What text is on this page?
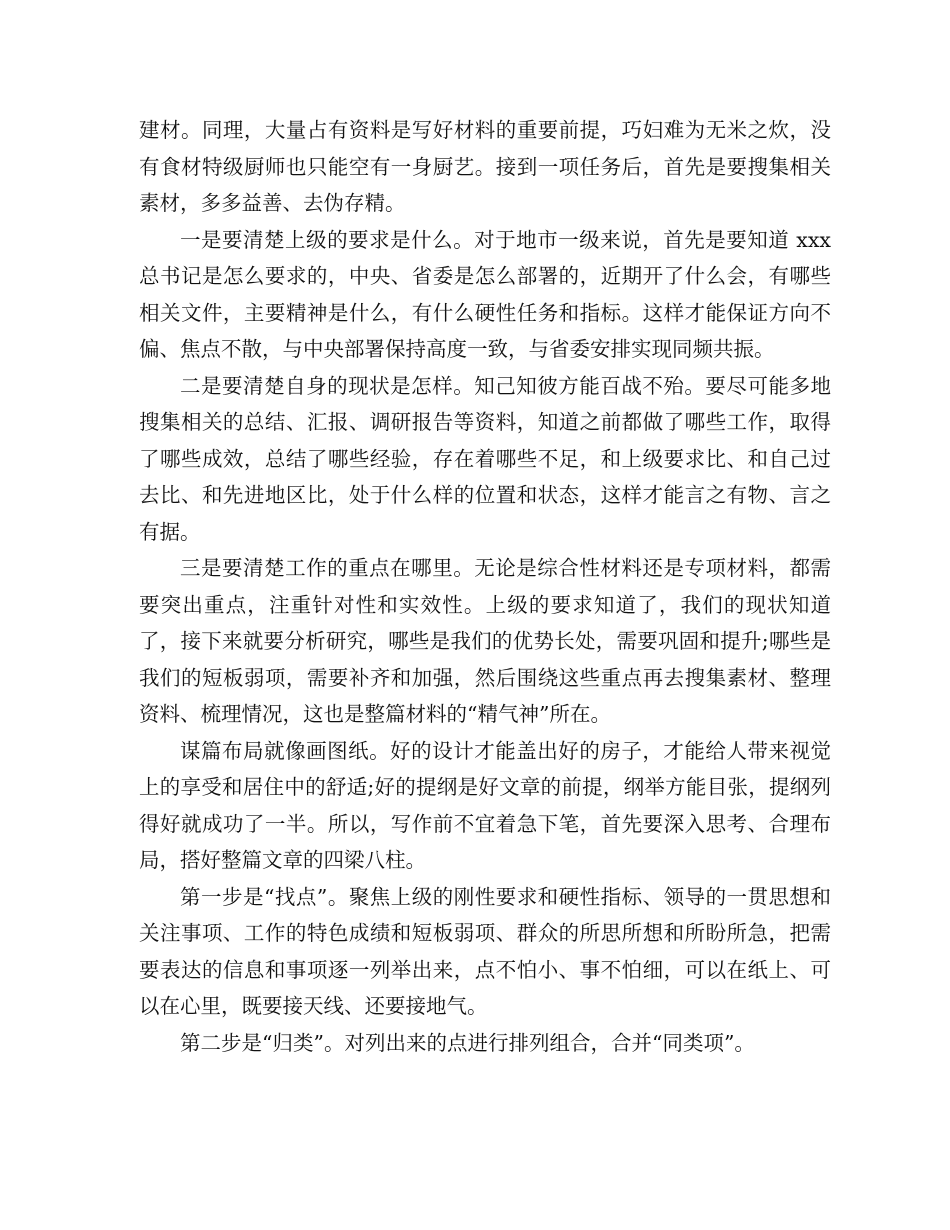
建材。同理，大量占有资料是写好材料的重要前提，巧妇难为无米之炊，没有食材特级厨师也只能空有一身厨艺。接到一项任务后，首先是要搜集相关素材，多多益善、去伪存精。

一是要清楚上级的要求是什么。对于地市一级来说，首先是要知道 xxx 总书记是怎么要求的，中央、省委是怎么部署的，近期开了什么会，有哪些相关文件，主要精神是什么，有什么硬性任务和指标。这样才能保证方向不偏、焦点不散，与中央部署保持高度一致，与省委安排实现同频共振。

二是要清楚自身的现状是怎样。知己知彼方能百战不殆。要尽可能多地搜集相关的总结、汇报、调研报告等资料，知道之前都做了哪些工作，取得了哪些成效，总结了哪些经验，存在着哪些不足，和上级要求比、和自己过去比、和先进地区比，处于什么样的位置和状态，这样才能言之有物、言之有据。

三是要清楚工作的重点在哪里。无论是综合性材料还是专项材料，都需要突出重点，注重针对性和实效性。上级的要求知道了，我们的现状知道了，接下来就要分析研究，哪些是我们的优势长处，需要巩固和提升;哪些是我们的短板弱项，需要补齐和加强，然后围绕这些重点再去搜集素材、整理资料、梳理情况，这也是整篇材料的“精气神”所在。

谋篇布局就像画图纸。好的设计才能盖出好的房子，才能给人带来视觉上的享受和居住中的舒适;好的提纲是好文章的前提，纲举方能目张，提纲列得好就成功了一半。所以，写作前不宜着急下笔，首先要深入思考、合理布局，搭好整篇文章的四梁八柱。

第一步是“找点”。聚焦上级的刚性要求和硬性指标、领导的一贯思想和关注事项、工作的特色成绩和短板弱项、群众的所思所想和所盼所急，把需要表达的信息和事项逐一列举出来，点不怕小、事不怕细，可以在纸上、可以在心里，既要接天线、还要接地气。

第二步是“归类”。对列出来的点进行排列组合，合并“同类项”。
